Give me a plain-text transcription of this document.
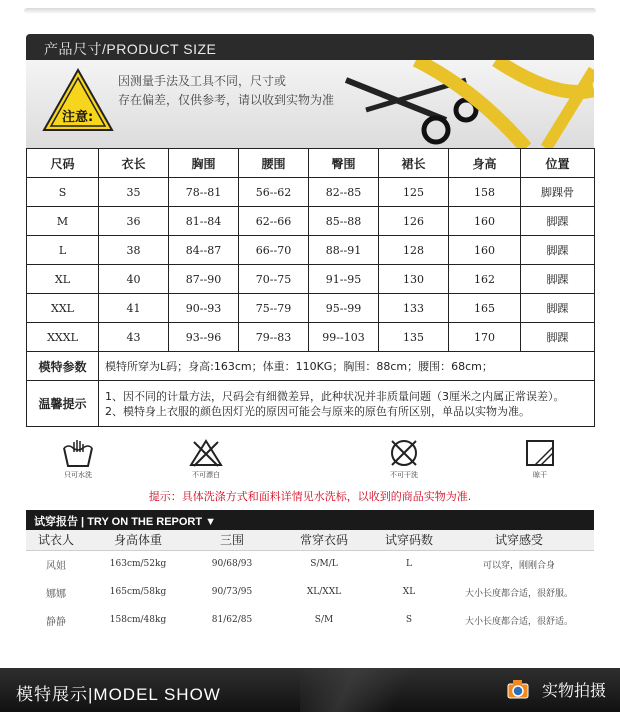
产品尺寸/PRODUCT SIZE
注意:
因测量手法及工具不同，尺寸或
存在偏差，仅供参考，请以收到实物为准
尺码	衣长	胸围	腰围	臀围	裙长	身高	位置
S	35	78--81	56--62	82--85	125	158	脚踝骨
M	36	81--84	62--66	85--88	126	160	脚踝
L	38	84--87	66--70	88--91	128	160	脚踝
XL	40	87--90	70--75	91--95	130	162	脚踝
XXL	41	90--93	75--79	95--99	133	165	脚踝
XXXL	43	93--96	79--83	99--103	135	170	脚踝
模特参数	模特所穿为L码；身高:163cm；体重：110KG；胸围：88cm；腰围：68cm；						
温馨提示	1、因不同的计量方法，尺码会有细微差异，此种状况并非质量问题（3厘米之内属正常误差）。
2、模特身上衣服的颜色因灯光的原因可能会与原来的原色有所区别，单品以实物为准。						
只可水洗	不可漂白	不可干洗	晾干
提示：具体洗涤方式和面料详情见水洗标，以收到的商品实物为准.
试穿报告 | TRY ON THE REPORT ▼
试衣人	身高体重	三围	常穿衣码	试穿码数	试穿感受
风姐	163cm/52kg	90/68/93	S/M/L	L	可以穿，刚刚合身
娜娜	165cm/58kg	90/73/95	XL/XXL	XL	大小长度都合适，很舒服。
静静	158cm/48kg	81/62/85	S/M	S	大小长度都合适，很舒适。
模特展示|MODEL SHOW	实物拍摄
